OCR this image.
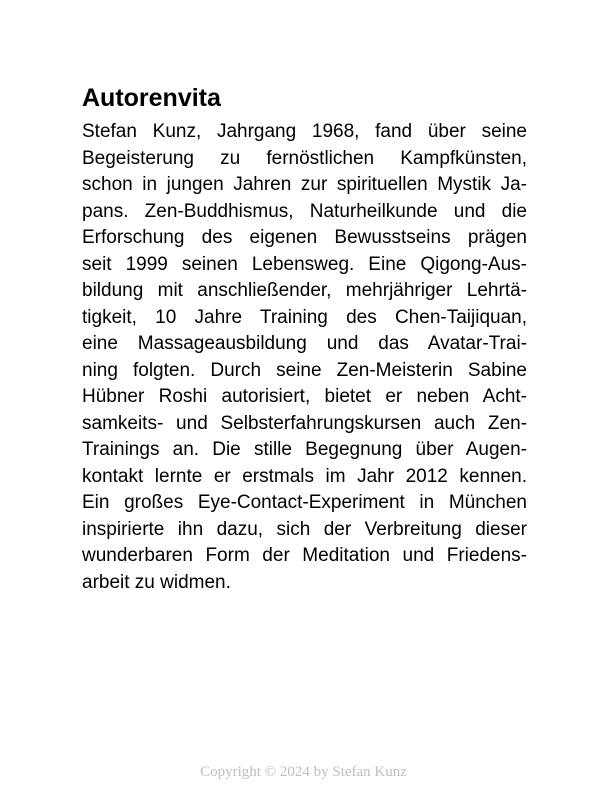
Autorenvita
Stefan Kunz, Jahrgang 1968, fand über seine
Begeisterung zu fernöstlichen Kampfkünsten,
schon in jungen Jahren zur spirituellen Mystik Ja-
pans. Zen-Buddhismus, Naturheilkunde und die
Erforschung des eigenen Bewusstseins prägen
seit 1999 seinen Lebensweg. Eine Qigong-Aus-
bildung mit anschließender, mehrjähriger Lehrtä-
tigkeit, 10 Jahre Training des Chen-Taijiquan,
eine Massageausbildung und das Avatar-Trai-
ning folgten. Durch seine Zen-Meisterin Sabine
Hübner Roshi autorisiert, bietet er neben Acht-
samkeits- und Selbsterfahrungskursen auch Zen-
Trainings an. Die stille Begegnung über Augen-
kontakt lernte er erstmals im Jahr 2012 kennen.
Ein großes Eye-Contact-Experiment in München
inspirierte ihn dazu, sich der Verbreitung dieser
wunderbaren Form der Meditation und Friedens-
arbeit zu widmen.
Copyright © 2024 by Stefan Kunz
